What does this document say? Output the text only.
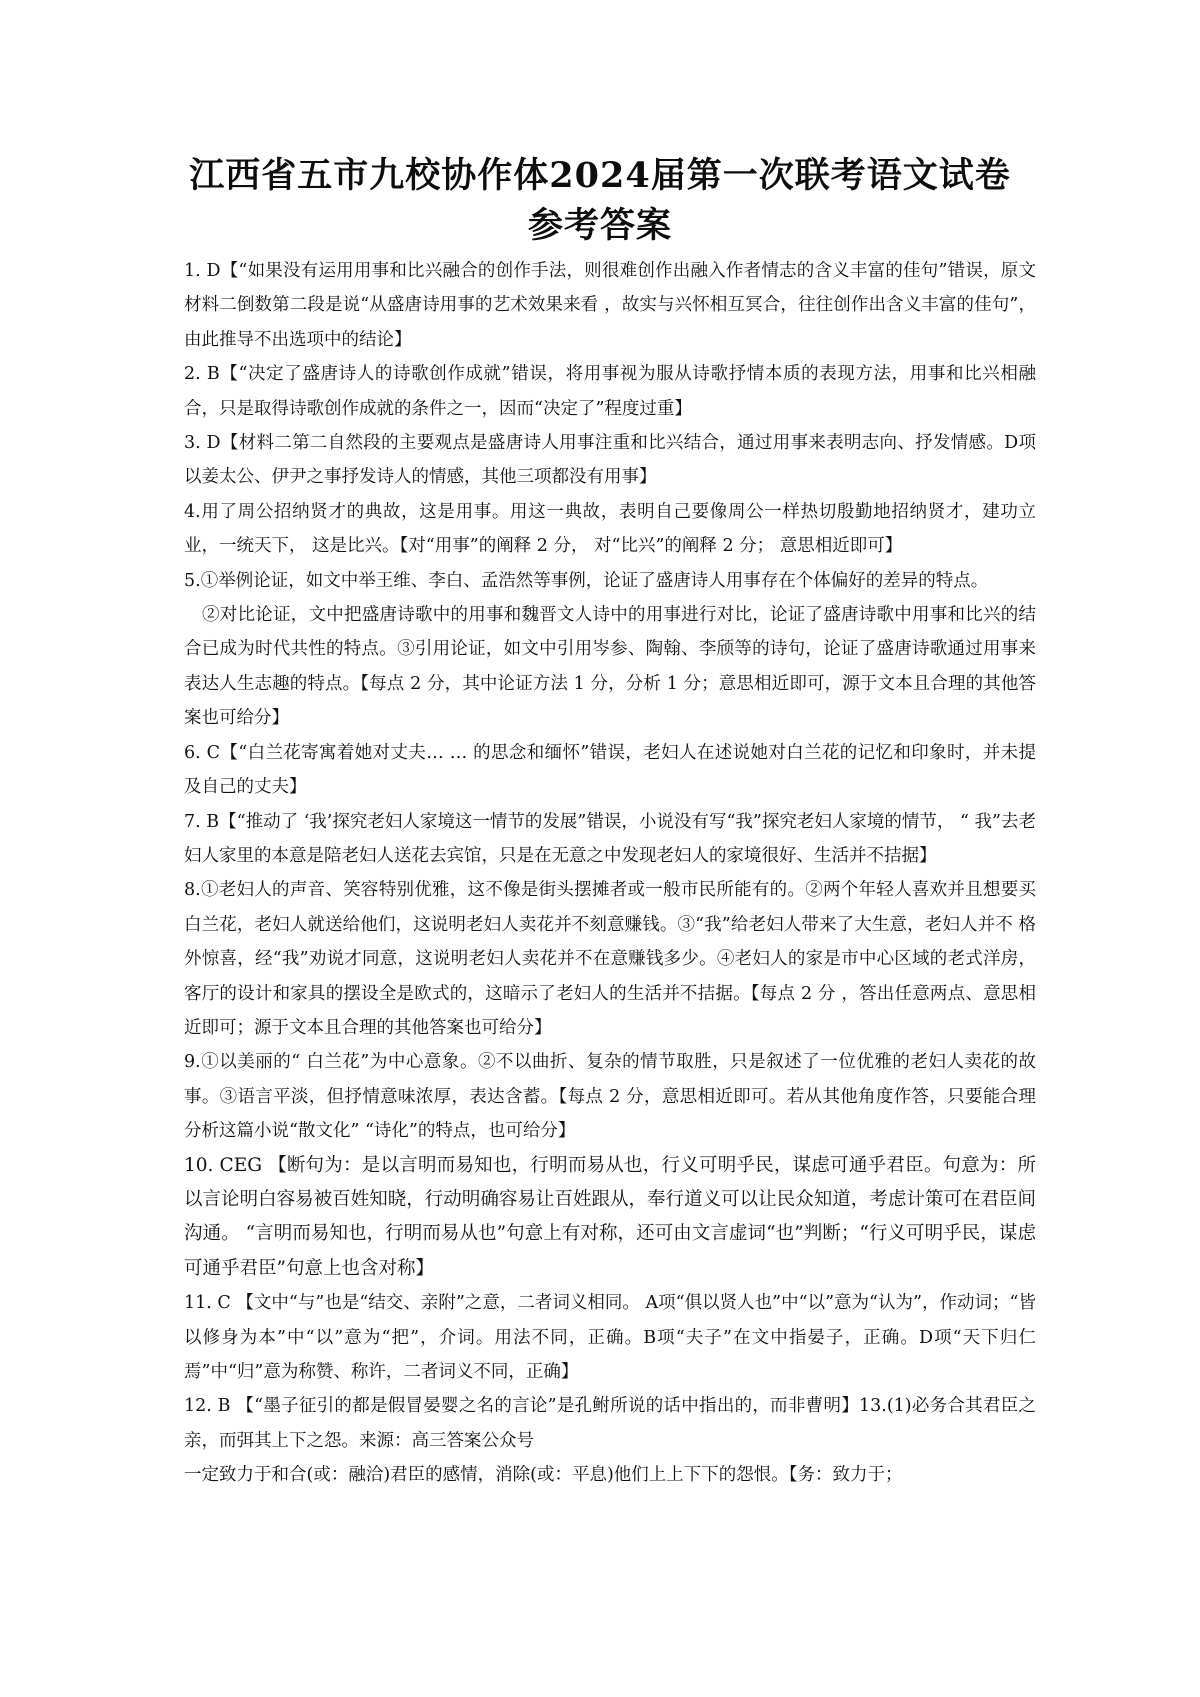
江西省五市九校协作体2024届第一次联考语文试卷
参考答案

1. D【“如果没有运用用事和比兴融合的创作手法，则很难创作出融入作者情志的含义丰富的佳句”错误，原文材料二倒数第二段是说“从盛唐诗用事的艺术效果来看 ，故实与兴怀相互冥合，往往创作出含义丰富的佳句”，由此推导不出选项中的结论】

2. B【“决定了盛唐诗人的诗歌创作成就”错误，将用事视为服从诗歌抒情本质的表现方法，用事和比兴相融合，只是取得诗歌创作成就的条件之一，因而“决定了”程度过重】

3. D【材料二第二自然段的主要观点是盛唐诗人用事注重和比兴结合，通过用事来表明志向、抒发情感。D项以姜太公、伊尹之事抒发诗人的情感，其他三项都没有用事】

4.用了周公招纳贤才的典故，这是用事。用这一典故，表明自己要像周公一样热切殷勤地招纳贤才，建功立业，一统天下， 这是比兴。【对“用事”的阐释 2 分， 对“比兴”的阐释 2 分； 意思相近即可】

5.①举例论证，如文中举王维、李白、孟浩然等事例，论证了盛唐诗人用事存在个体偏好的差异的特点。

②对比论证，文中把盛唐诗歌中的用事和魏晋文人诗中的用事进行对比，论证了盛唐诗歌中用事和比兴的结合已成为时代共性的特点。③引用论证，如文中引用岑参、陶翰、李颀等的诗句，论证了盛唐诗歌通过用事来表达人生志趣的特点。【每点 2 分，其中论证方法 1 分，分析 1 分；意思相近即可，源于文本且合理的其他答案也可给分】

6. C【“白兰花寄寓着她对丈夫… … 的思念和缅怀”错误，老妇人在述说她对白兰花的记忆和印象时，并未提及自己的丈夫】

7. B【“推动了 ‘我’探究老妇人家境这一情节的发展”错误，小说没有写“我”探究老妇人家境的情节， “ 我”去老妇人家里的本意是陪老妇人送花去宾馆，只是在无意之中发现老妇人的家境很好、生活并不拮据】

8.①老妇人的声音、笑容特别优雅，这不像是街头摆摊者或一般市民所能有的。②两个年轻人喜欢并且想要买白兰花，老妇人就送给他们，这说明老妇人卖花并不刻意赚钱。③“我”给老妇人带来了大生意，老妇人并不 格外惊喜，经“我”劝说才同意，这说明老妇人卖花并不在意赚钱多少。④老妇人的家是市中心区域的老式洋房，客厅的设计和家具的摆设全是欧式的，这暗示了老妇人的生活并不拮据。【每点 2 分 ，答出任意两点、意思相近即可；源于文本且合理的其他答案也可给分】

9.①以美丽的“ 白兰花”为中心意象。②不以曲折、复杂的情节取胜，只是叙述了一位优雅的老妇人卖花的故事。③语言平淡，但抒情意味浓厚，表达含蓄。【每点 2 分，意思相近即可。若从其他角度作答，只要能合理分析这篇小说“散文化” “诗化”的特点，也可给分】

10. CEG 【断句为：是以言明而易知也，行明而易从也，行义可明乎民，谋虑可通乎君臣。句意为：所以言论明白容易被百姓知晓，行动明确容易让百姓跟从，奉行道义可以让民众知道，考虑计策可在君臣间沟通。 “言明而易知也，行明而易从也”句意上有对称，还可由文言虚词“也”判断；“行义可明乎民，谋虑可通乎君臣”句意上也含对称】

11. C 【文中“与”也是“结交、亲附”之意，二者词义相同。 A项“俱以贤人也”中“以”意为“认为”，作动词；“皆以修身为本”中“以”意为“把”，介词。用法不同，正确。B项“夫子”在文中指晏子，正确。D项“天下归仁焉”中“归”意为称赞、称许，二者词义不同，正确】

12. B 【“墨子征引的都是假冒晏婴之名的言论”是孔鲋所说的话中指出的，而非曹明】13.(1)必务合其君臣之亲，而弭其上下之怨。来源：高三答案公众号

一定致力于和合(或：融洽)君臣的感情，消除(或：平息)他们上上下下的怨恨。【务：致力于；
